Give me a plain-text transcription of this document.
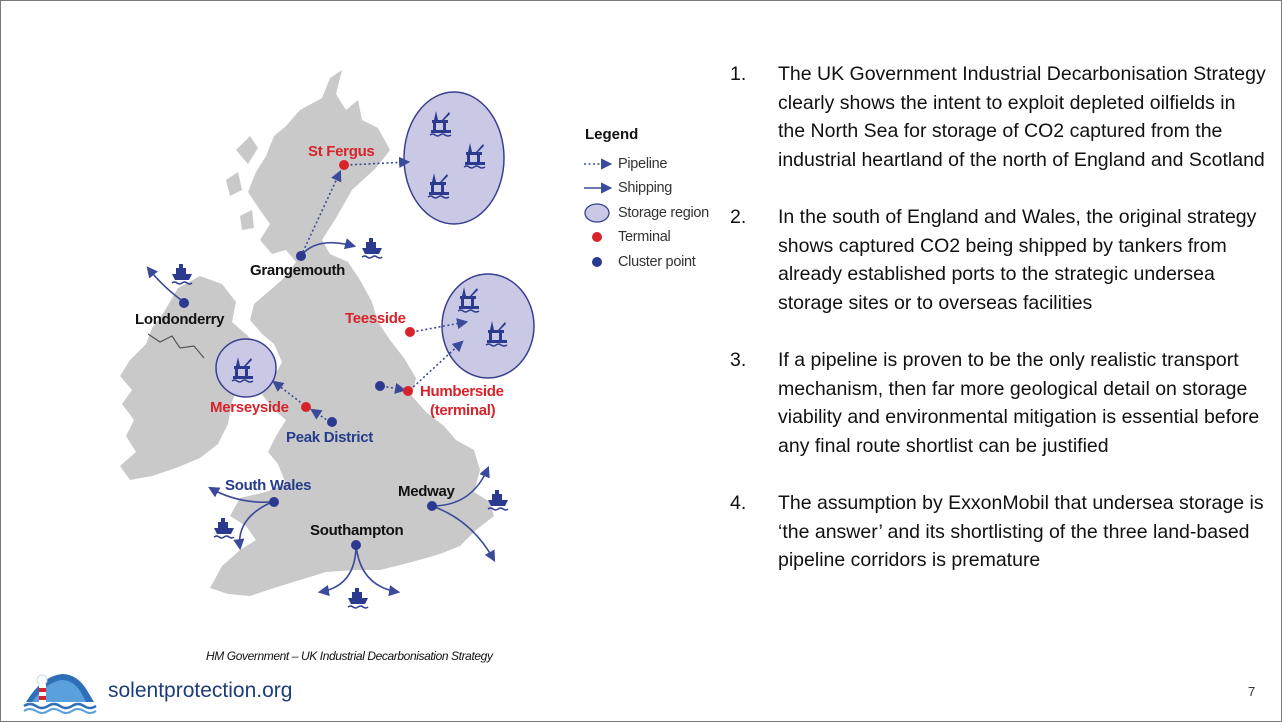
St Fergus
Grangemouth
Londonderry	Teesside
Humberside
(terminal)
Merseyside
Peak District
South Wales	Medway
Southampton
Legend
Pipeline
Shipping
Storage region
Terminal
Cluster point
HM Government – UK Industrial Decarbonisation Strategy
1. The UK Government Industrial Decarbonisation Strategy clearly shows the intent to exploit depleted oilfields in the North Sea for storage of CO2 captured from the industrial heartland of the north of England and Scotland
2. In the south of England and Wales, the original strategy shows captured CO2 being shipped by tankers from already established ports to the strategic undersea storage sites or to overseas facilities
3. If a pipeline is proven to be the only realistic transport mechanism, then far more geological detail on storage viability and environmental mitigation is essential before any final route shortlist can be justified
4. The assumption by ExxonMobil that undersea storage is ‘the answer’ and its shortlisting of the three land-based pipeline corridors is premature
solentprotection.org	7
